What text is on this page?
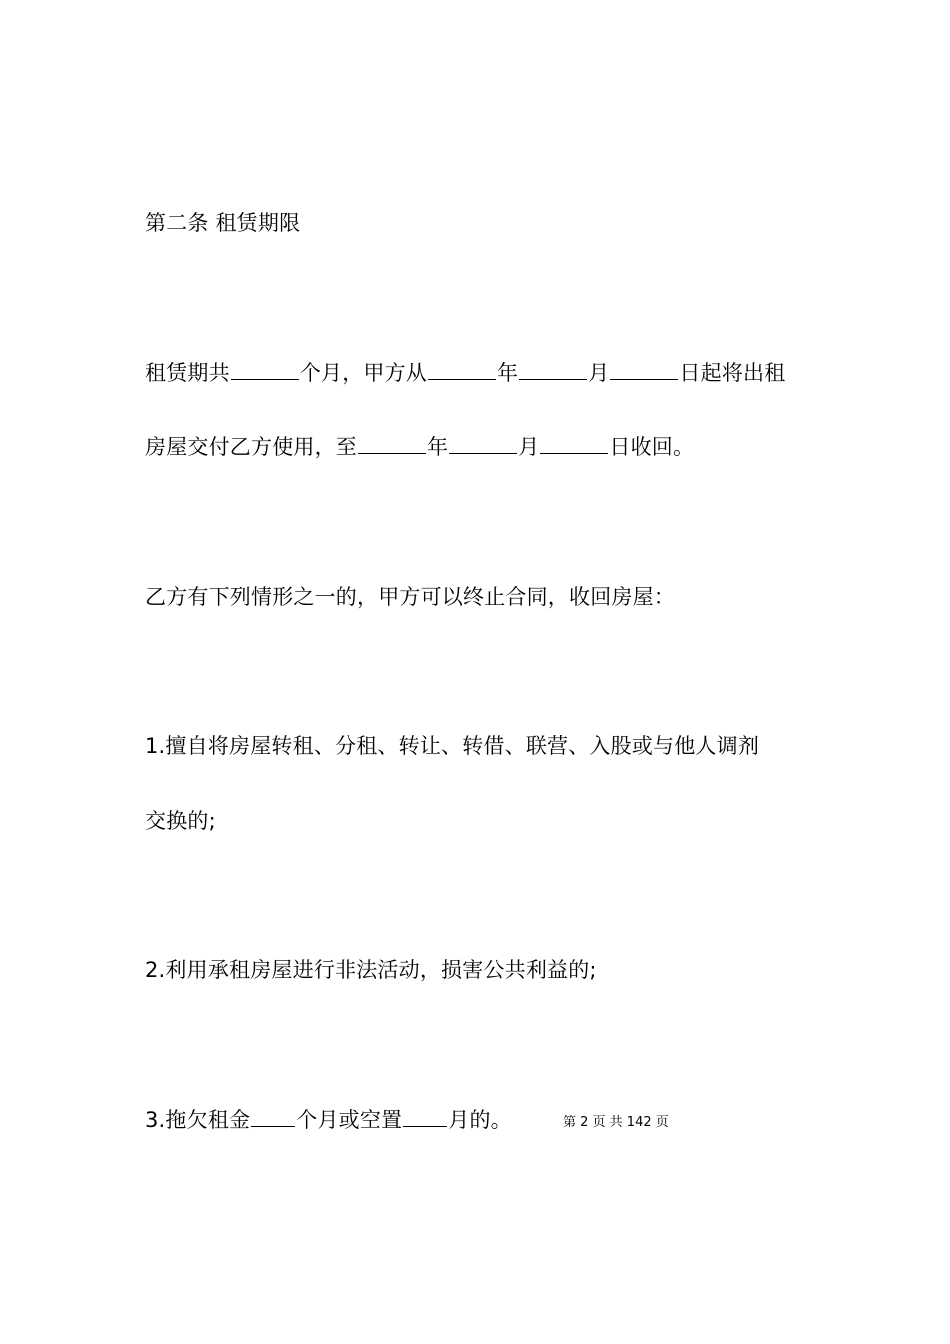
第二条 租赁期限
租赁期共	个月，甲方从	年	月	日起将出租
房屋交付乙方使用，至	年	月	日收回。
乙方有下列情形之一的，甲方可以终止合同，收回房屋：
1.擅自将房屋转租、分租、转让、转借、联营、入股或与他人调剂
交换的;
2.利用承租房屋进行非法活动，损害公共利益的;
3.拖欠租金 个月或空置 月的。	第 2 页 共 142 页
